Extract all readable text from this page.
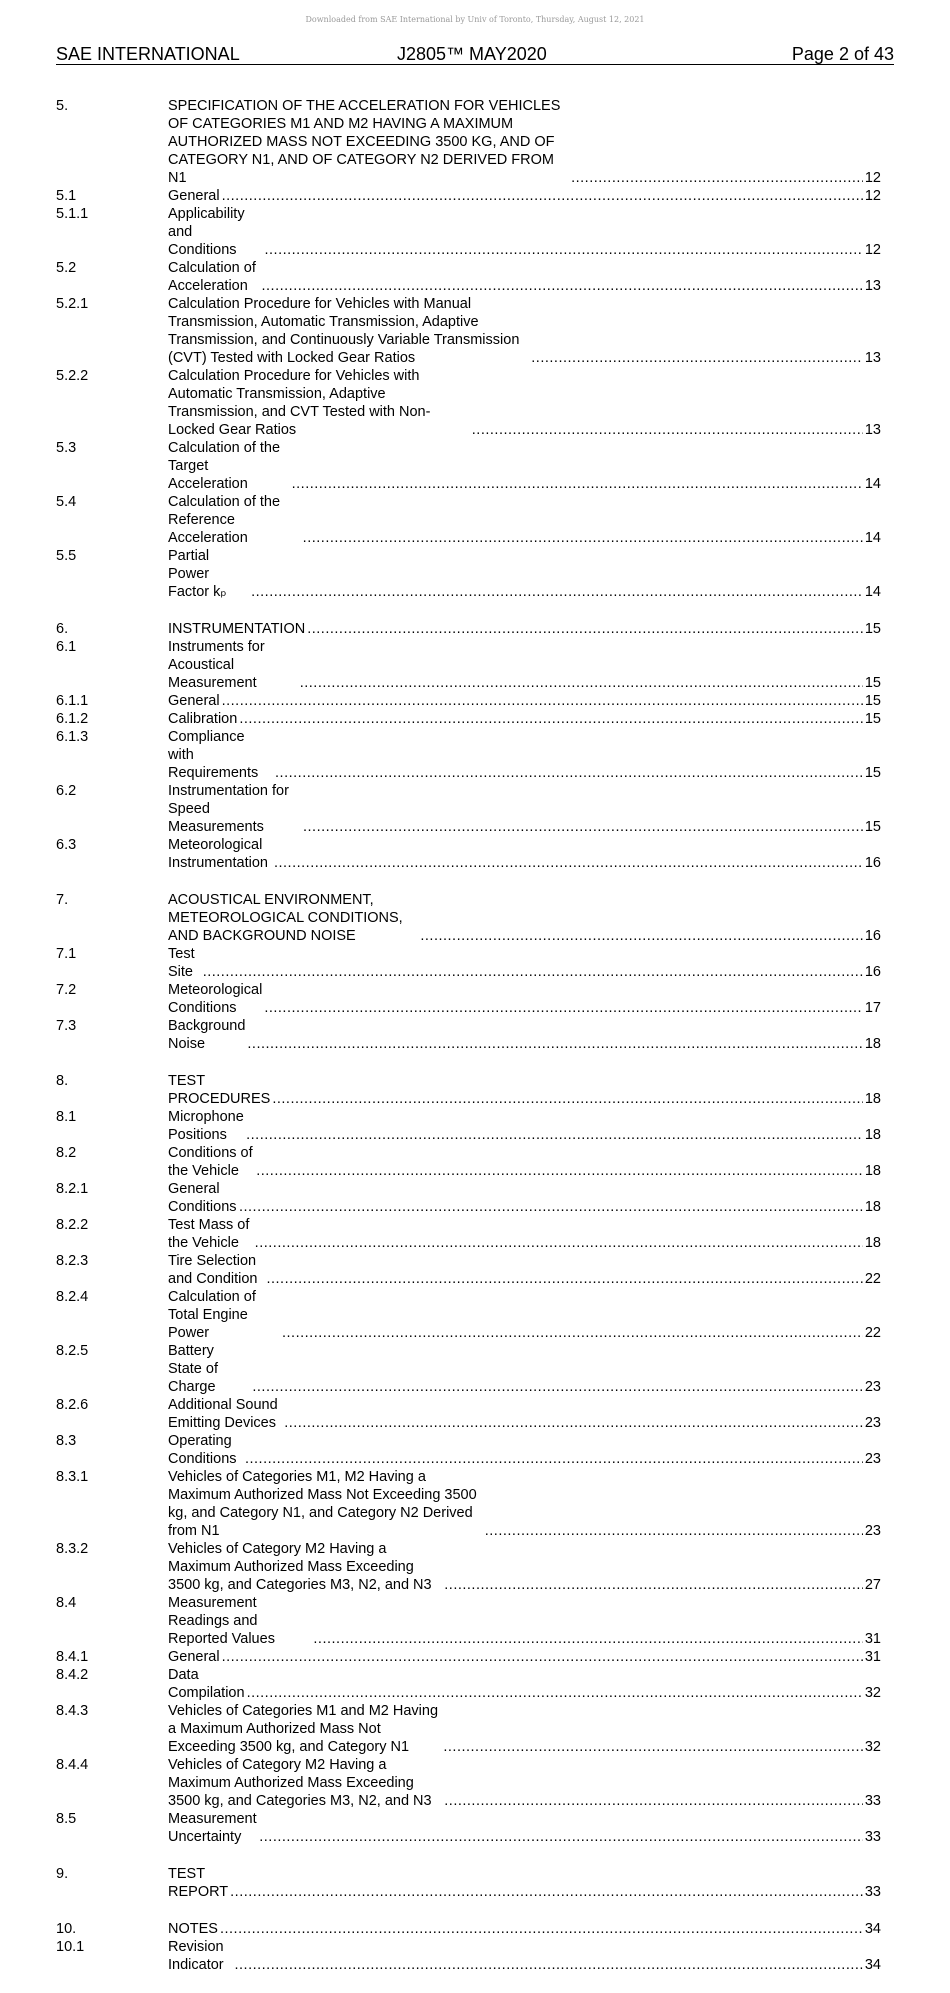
Downloaded from SAE International by Univ of Toronto, Thursday, August 12, 2021
SAE INTERNATIONAL	J2805™ MAY2020	Page 2 of 43
5.	SPECIFICATION OF THE ACCELERATION FOR VEHICLES OF CATEGORIES M1 AND M2 HAVING A MAXIMUM AUTHORIZED MASS NOT EXCEEDING 3500 KG, AND OF CATEGORY N1, AND OF CATEGORY N2 DERIVED FROM N1 .....	12
5.1	General .....	12
5.1.1	Applicability and Conditions .....	12
5.2	Calculation of Acceleration .....	13
5.2.1	Calculation Procedure for Vehicles with Manual Transmission, Automatic Transmission, Adaptive Transmission, and Continuously Variable Transmission (CVT) Tested with Locked Gear Ratios .....	13
5.2.2	Calculation Procedure for Vehicles with Automatic Transmission, Adaptive Transmission, and CVT Tested with Non-Locked Gear Ratios .....	13
5.3	Calculation of the Target Acceleration .....	14
5.4	Calculation of the Reference Acceleration .....	14
5.5	Partial Power Factor kₚ .....	14
6.	INSTRUMENTATION .....	15
6.1	Instruments for Acoustical Measurement .....	15
6.1.1	General .....	15
6.1.2	Calibration .....	15
6.1.3	Compliance with Requirements .....	15
6.2	Instrumentation for Speed Measurements .....	15
6.3	Meteorological Instrumentation .....	16
7.	ACOUSTICAL ENVIRONMENT, METEOROLOGICAL CONDITIONS, AND BACKGROUND NOISE .....	16
7.1	Test Site .....	16
7.2	Meteorological Conditions .....	17
7.3	Background Noise .....	18
8.	TEST PROCEDURES .....	18
8.1	Microphone Positions .....	18
8.2	Conditions of the Vehicle .....	18
8.2.1	General Conditions .....	18
8.2.2	Test Mass of the Vehicle .....	18
8.2.3	Tire Selection and Condition .....	22
8.2.4	Calculation of Total Engine Power .....	22
8.2.5	Battery State of Charge .....	23
8.2.6	Additional Sound Emitting Devices .....	23
8.3	Operating Conditions .....	23
8.3.1	Vehicles of Categories M1, M2 Having a Maximum Authorized Mass Not Exceeding 3500 kg, and Category N1, and Category N2 Derived from N1 .....	23
8.3.2	Vehicles of Category M2 Having a Maximum Authorized Mass Exceeding 3500 kg, and Categories M3, N2, and N3 .....	27
8.4	Measurement Readings and Reported Values .....	31
8.4.1	General .....	31
8.4.2	Data Compilation .....	32
8.4.3	Vehicles of Categories M1 and M2 Having a Maximum Authorized Mass Not Exceeding 3500 kg, and Category N1 .....	32
8.4.4	Vehicles of Category M2 Having a Maximum Authorized Mass Exceeding 3500 kg, and Categories M3, N2, and N3 .....	33
8.5	Measurement Uncertainty .....	33
9.	TEST REPORT .....	33
10.	NOTES .....	34
10.1	Revision Indicator .....	34
